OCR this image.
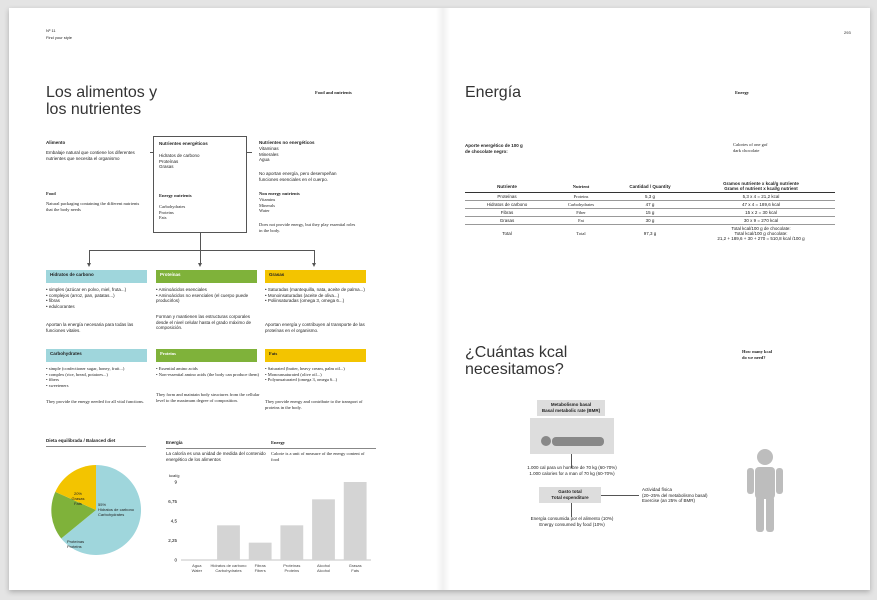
Nº 11
Find your style
Los alimentos y
los nutrientes
Food and nutrients
Alimento
Embalaje natural que contiene los diferentes nutrientes que necesita el organismo
Food
Natural packaging containing the different nutrients that the body needs
Nutrientes energéticos
Hidratos de carbono
Proteínas
Grasas
Energy nutrients
Carbohydrates
Proteins
Fats
Nutrientes no energéticos
Vitaminas
Minerales
Agua
No aportan energía, pero desempeñan funciones esenciales en el cuerpo.
Non energy nutrients
Vitamins
Minerals
Water
Does not provide energy, but they play essential roles in the body.
Hidratos de carbono
• simples (azúcar en polvo, miel, fruta...)
• complejos (arroz, pan, patatas...)
• fibras
• edulcorantes
Aportan la energía necesaria para todas las funciones vitales.
Proteínas
• Aminoácidos esenciales
• Aminoácidos no esenciales (el cuerpo puede producirlos)
Forman y mantienen las estructuras corporales desde el nivel celular hasta el grado máximo de composición.
Grasas
• Saturadas (mantequilla, nata, aceite de palma...)
• Monoinsaturadas (aceite de oliva...)
• Poliinsaturadas (omega 3, omega 6...)
Aportan energía y contribuyen al transporte de las proteínas en el organismo.
Carbohydrates
• simple (confectioner sugar, honey, fruit...)
• complex (rice, bread, potatoes...)
• fibers
• sweeteners
They provide the energy needed for all vital functions.
Proteins
• Essential amino acids
• Non-essential amino acids (the body can produce them)
They form and maintain body structures from the cellular level to the maximum degree of composition.
Fats
• Saturated (butter, heavy cream, palm oil...)
• Monounsaturated (olive oil...)
• Polyunsaturated (omega 3, omega 6...)
They provide energy and contribute to the transport of proteins in the body.
Dieta equilibrada / Balanced diet
20%
Grasas
Fats
Proteínas
Proteins
55%
Hidratos de carbono
Carbohydrates
Energía
La caloría es una unidad de medida del contenido energético de los alimentos
Energy
Calorie is a unit of measure of the energy content of food
kcal/g
0
2,25
4,5
6,75
9
Agua
Water
Hidratos de carbono
Carbohydrates
Fibras
Fibers
Proteínas
Proteins
Alcohol
Alcohol
Grasas
Fats
293
Energía	Energy
Aporte energético de 100 g
de chocolate negro:
Calories of one gof
dark chocolate
Nutriente	Nutrient	Cantidad / Quantity	Gramos nutriente x kcal/g nutriente
Grams of nutrient x kcal/g nutrient
Proteínas	Proteins	5,3 g	5,3 x 4 = 21,2 kcal
Hidratos de carbono	Carbohydrates	47 g	47 x 4 = 189,6 kcal
Fibras	Fiber	15 g	15 x 2 = 30 kcal
Grasas	Fat	30 g	30 x 9 = 270 kcal
Total	Total	97,3 g	Total kcal/100 g de chocolate:
Total kcal/100 g chocolate:
21,2 + 189,6 + 30 + 270 = 510,8 kcal /100 g
¿Cuántas kcal
necesitamos?
How many kcal
do we need?
Metabolismo basal
Basal metabolic rate (BMR)
1.000 cal para un hombre de 70 kg (60-70%)
1.000 calories for a man of 70 kg (60-70%)
Gasto total
Total expenditure
Actividad física
(20–25% del metabolismo basal)
Exercise (an 25% of BMR)
Energía consumida por el alimento (10%)
Energy consumed by food (10%)
